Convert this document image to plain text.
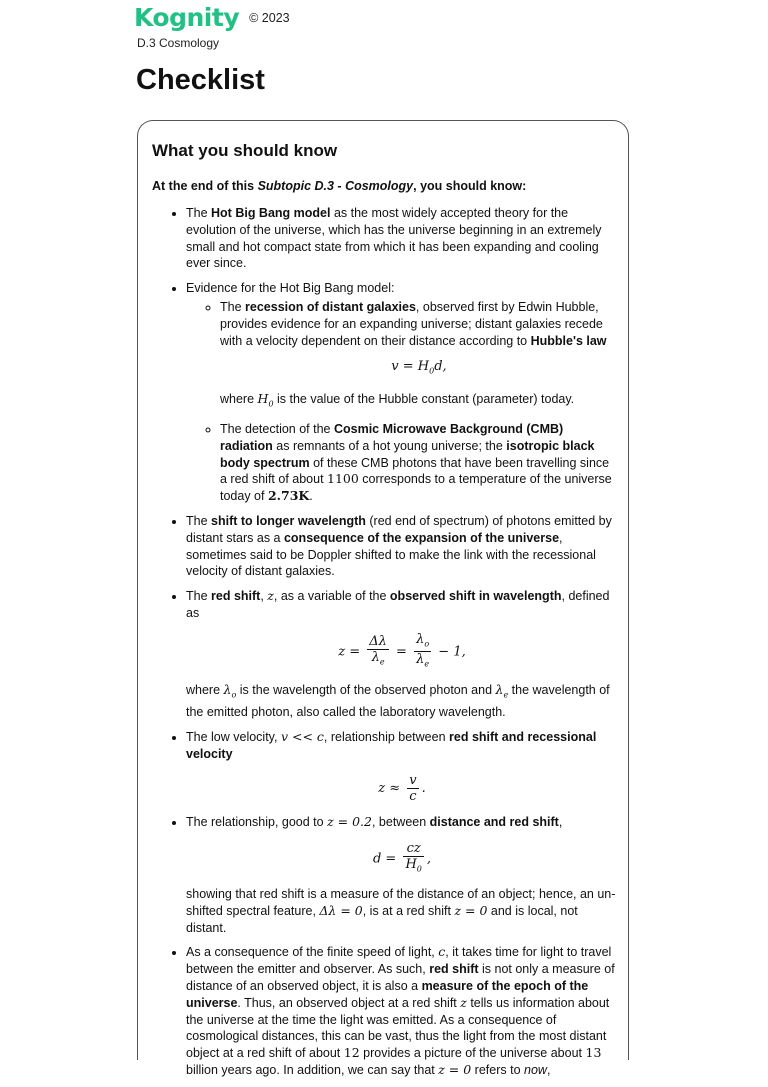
Kognity © 2023
D.3 Cosmology
Checklist
What you should know

At the end of this Subtopic D.3 - Cosmology, you should know:

• The Hot Big Bang model as the most widely accepted theory for the evolution of the universe, which has the universe beginning in an extremely small and hot compact state from which it has been expanding and cooling ever since.
• Evidence for the Hot Big Bang model:
◦ The recession of distant galaxies, observed first by Edwin Hubble, provides evidence for an expanding universe; distant galaxies recede with a velocity dependent on their distance according to Hubble's law
$v = H_0d$,
where $H_0$ is the value of the Hubble constant (parameter) today.
◦ The detection of the Cosmic Microwave Background (CMB) radiation as remnants of a hot young universe; the isotropic black body spectrum of these CMB photons that have been travelling since a red shift of about 1100 corresponds to a temperature of the universe today of 2.73K.
• The shift to longer wavelength (red end of spectrum) of photons emitted by distant stars as a consequence of the expansion of the universe, sometimes said to be Doppler shifted to make the link with the recessional velocity of distant galaxies.
• The red shift, z, as a variable of the observed shift in wavelength, defined as
$z = \frac{\Delta\lambda}{\lambda_e} = \frac{\lambda_o}{\lambda_e} - 1$,
where $\lambda_o$ is the wavelength of the observed photon and $\lambda_e$ the wavelength of the emitted photon, also called the laboratory wavelength.
• The low velocity, v << c, relationship between red shift and recessional velocity
$z \approx \frac{v}{c}$ .
• The relationship, good to z = 0.2, between distance and red shift,
$d = \frac{cz}{H_0}$ ,
showing that red shift is a measure of the distance of an object; hence, an un-shifted spectral feature, Δλ = 0, is at a red shift z = 0 and is local, not distant.
• As a consequence of the finite speed of light, c, it takes time for light to travel between the emitter and observer. As such, red shift is not only a measure of distance of an observed object, it is also a measure of the epoch of the universe. Thus, an observed object at a red shift z tells us information about the universe at the time the light was emitted. As a consequence of cosmological distances, this can be vast, thus the light from the most distant object at a red shift of about 12 provides a picture of the universe about 13 billion years ago. In addition, we can say that z = 0 refers to now,
